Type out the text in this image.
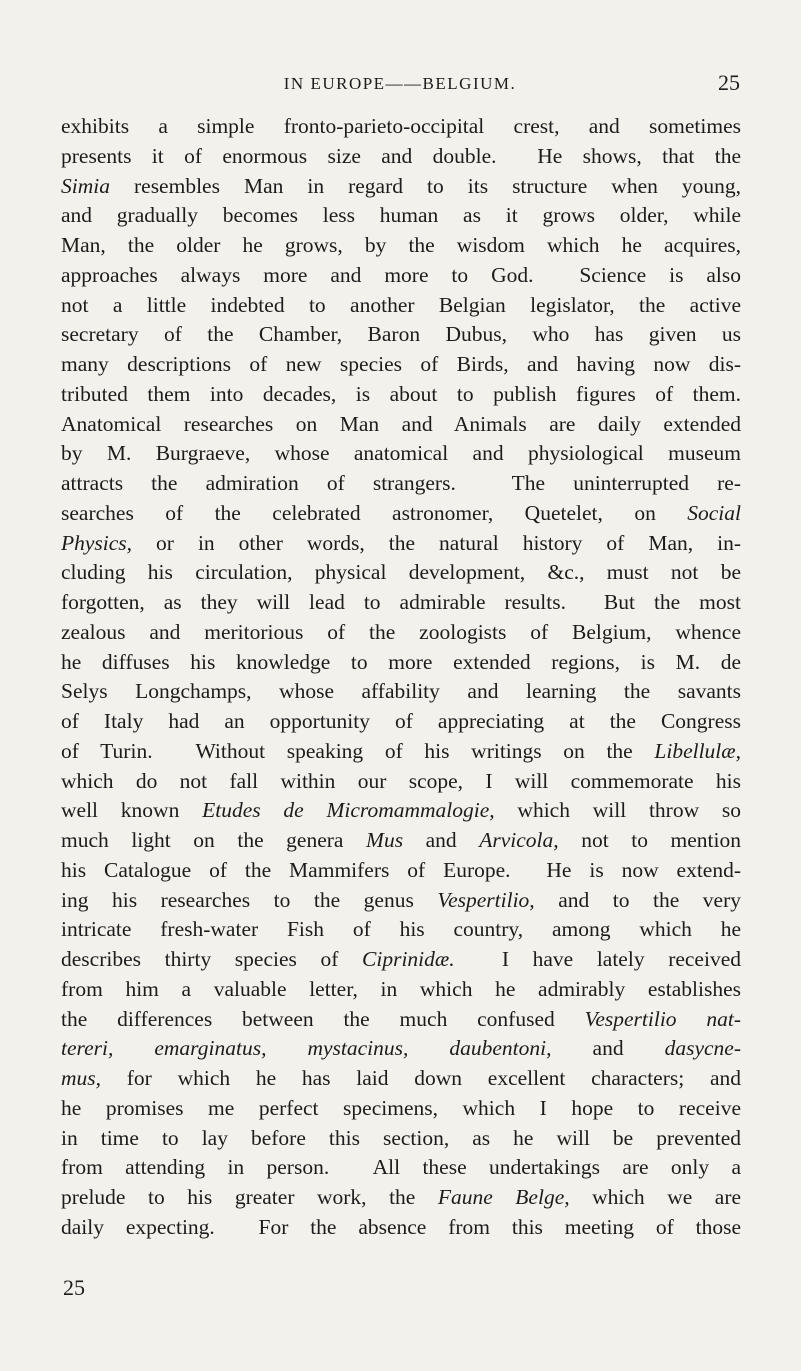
IN EUROPE——BELGIUM.	25
exhibits a simple fronto-parieto-occipital crest, and sometimes
presents it of enormous size and double.  He shows, that the
Simia resembles Man in regard to its structure when young,
and gradually becomes less human as it grows older, while
Man, the older he grows, by the wisdom which he acquires,
approaches always more and more to God.  Science is also
not a little indebted to another Belgian legislator, the active
secretary of the Chamber, Baron Dubus, who has given us
many descriptions of new species of Birds, and having now dis-
tributed them into decades, is about to publish figures of them.
Anatomical researches on Man and Animals are daily extended
by M. Burgraeve, whose anatomical and physiological museum
attracts the admiration of strangers.  The uninterrupted re-
searches of the celebrated astronomer, Quetelet, on Social
Physics, or in other words, the natural history of Man, in-
cluding his circulation, physical development, &c., must not be
forgotten, as they will lead to admirable results.  But the most
zealous and meritorious of the zoologists of Belgium, whence
he diffuses his knowledge to more extended regions, is M. de
Selys Longchamps, whose affability and learning the savants
of Italy had an opportunity of appreciating at the Congress
of Turin.  Without speaking of his writings on the Libellulæ,
which do not fall within our scope, I will commemorate his
well known Etudes de Micromammalogie, which will throw so
much light on the genera Mus and Arvicola, not to mention
his Catalogue of the Mammifers of Europe.  He is now extend-
ing his researches to the genus Vespertilio, and to the very
intricate fresh-water Fish of his country, among which he
describes thirty species of Ciprinidæ.  I have lately received
from him a valuable letter, in which he admirably establishes
the differences between the much confused Vespertilio nat-
tereri, emarginatus, mystacinus, daubentoni, and dasycne-
mus, for which he has laid down excellent characters; and
he promises me perfect specimens, which I hope to receive
in time to lay before this section, as he will be prevented
from attending in person.  All these undertakings are only a
prelude to his greater work, the Faune Belge, which we are
daily expecting.  For the absence from this meeting of those
25
